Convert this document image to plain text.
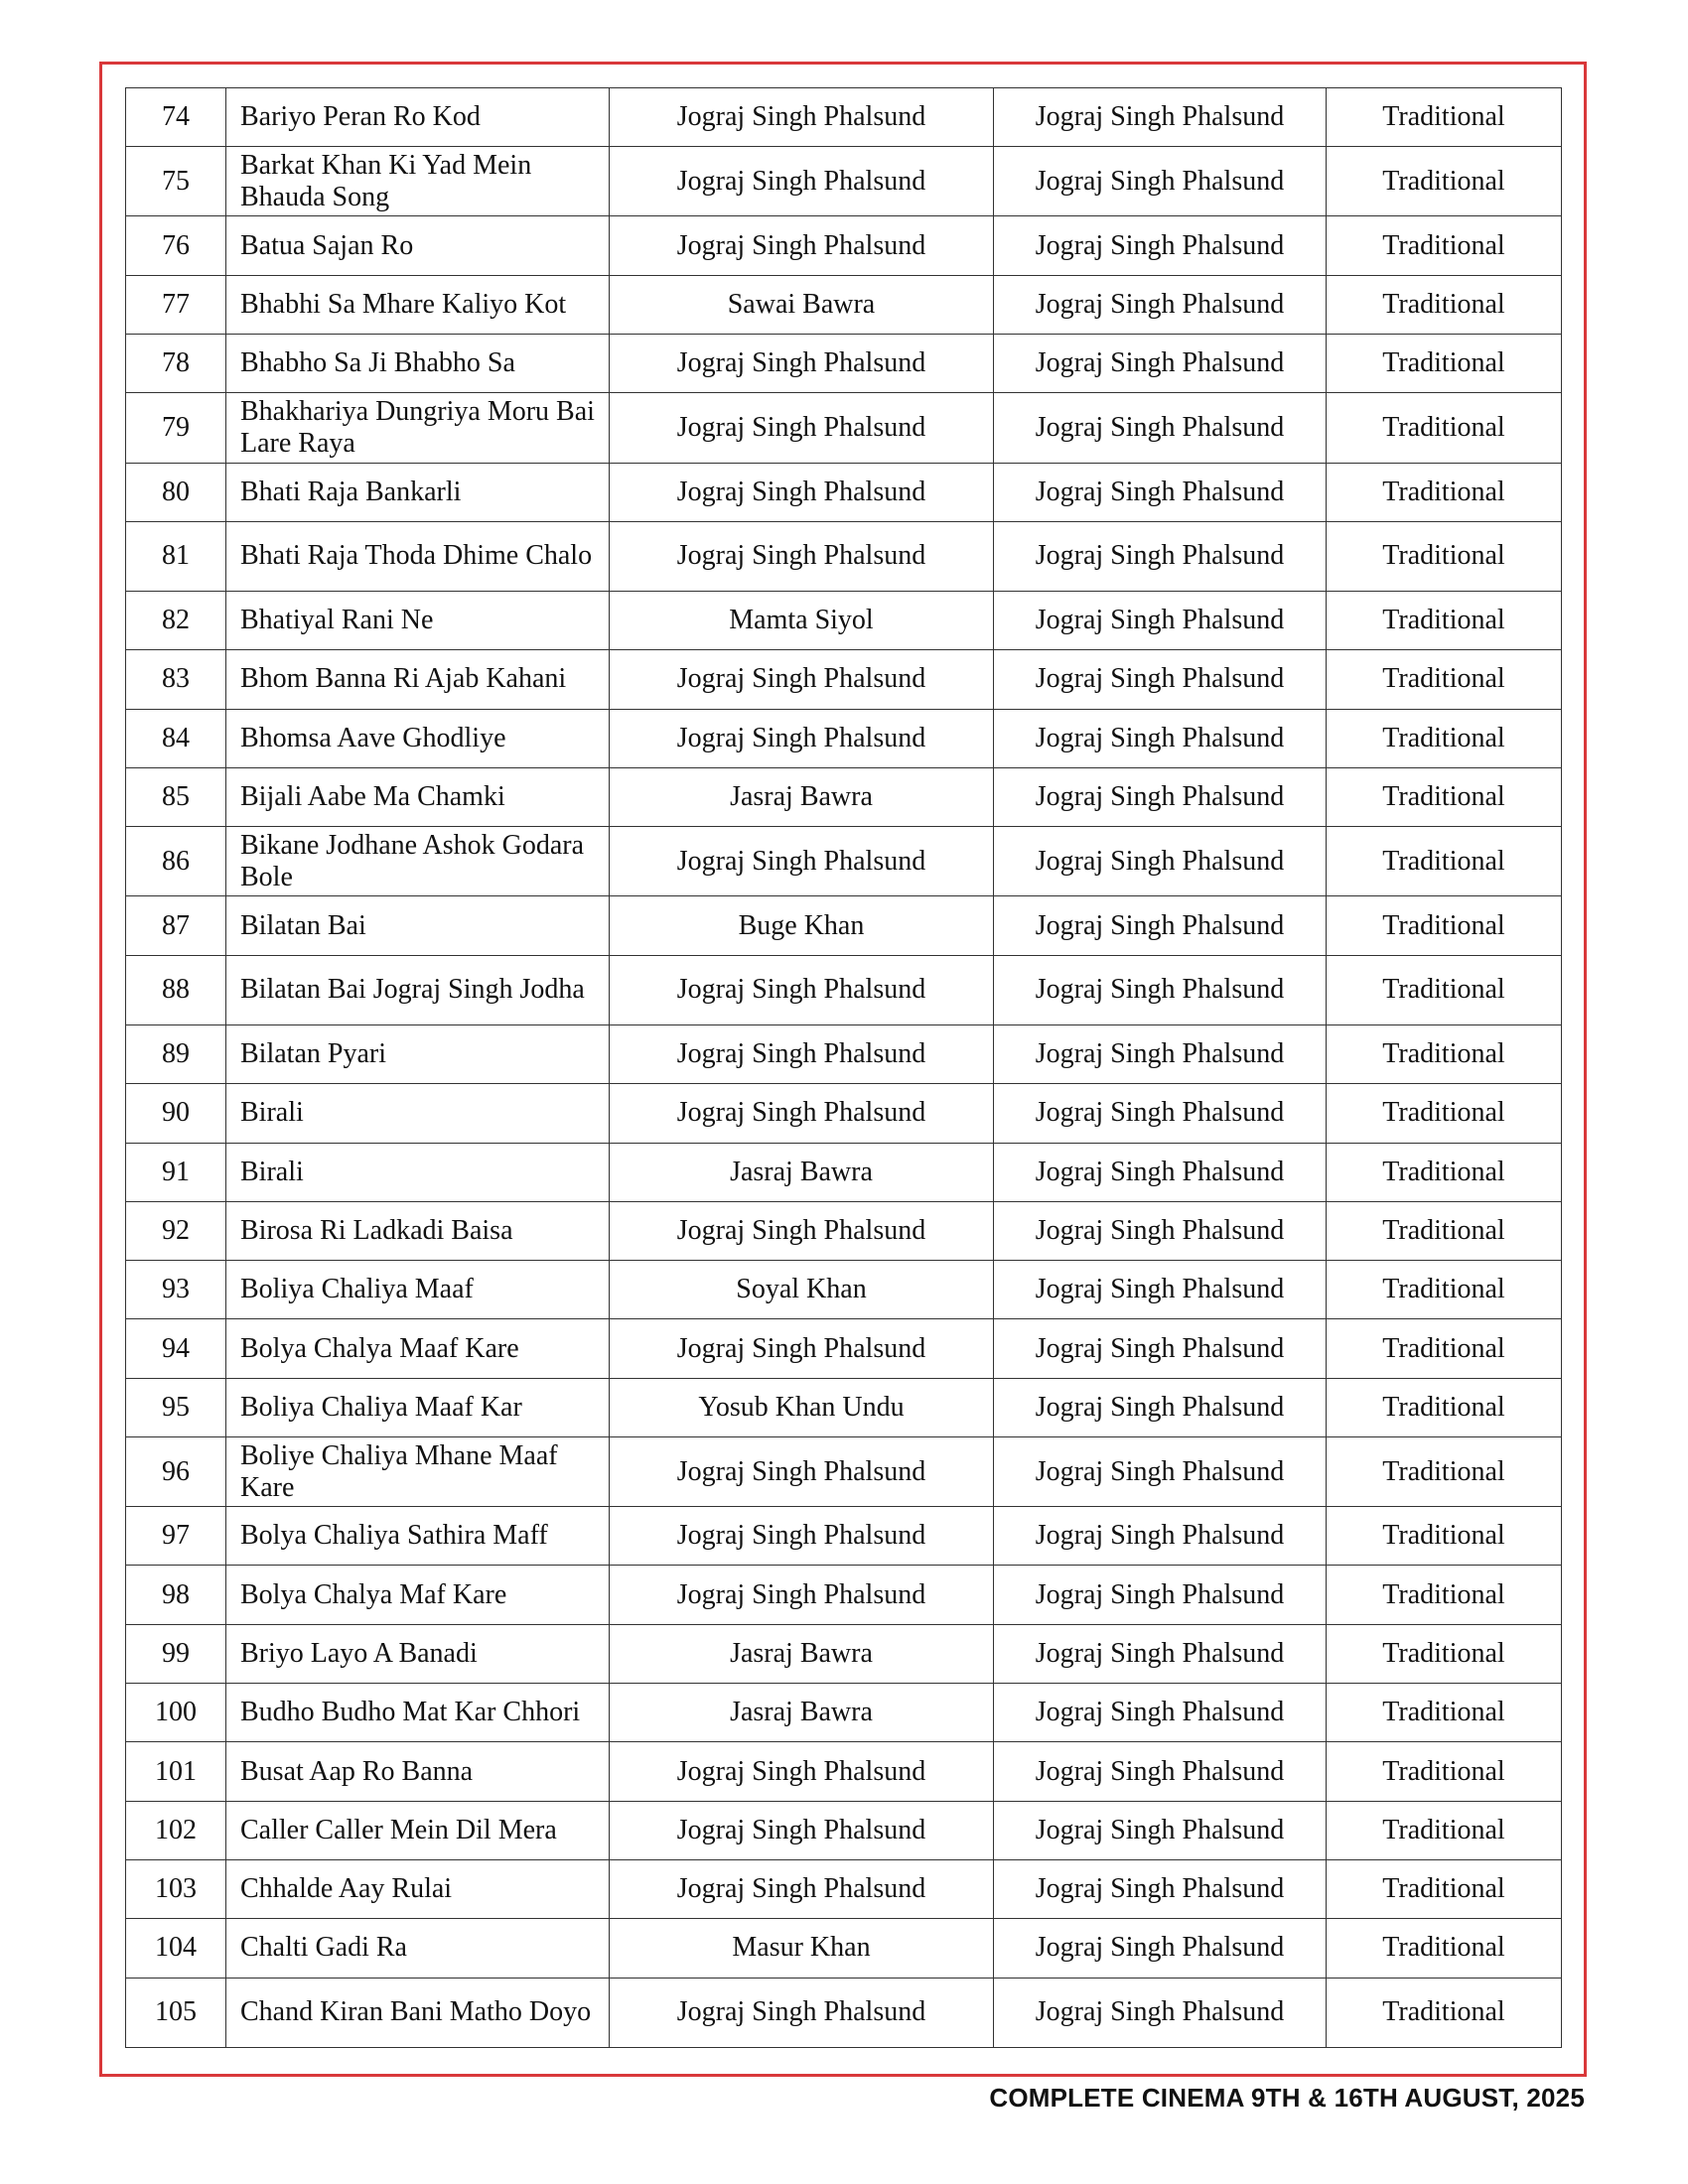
74	Bariyo Peran Ro Kod	Jograj Singh Phalsund	Jograj Singh Phalsund	Traditional
75	Barkat Khan Ki Yad Mein Bhauda Song	Jograj Singh Phalsund	Jograj Singh Phalsund	Traditional
76	Batua Sajan Ro	Jograj Singh Phalsund	Jograj Singh Phalsund	Traditional
77	Bhabhi Sa Mhare Kaliyo Kot	Sawai Bawra	Jograj Singh Phalsund	Traditional
78	Bhabho Sa Ji Bhabho Sa	Jograj Singh Phalsund	Jograj Singh Phalsund	Traditional
79	Bhakhariya Dungriya Moru Bai Lare Raya	Jograj Singh Phalsund	Jograj Singh Phalsund	Traditional
80	Bhati Raja Bankarli	Jograj Singh Phalsund	Jograj Singh Phalsund	Traditional
81	Bhati Raja Thoda Dhime Chalo	Jograj Singh Phalsund	Jograj Singh Phalsund	Traditional
82	Bhatiyal Rani Ne	Mamta Siyol	Jograj Singh Phalsund	Traditional
83	Bhom Banna Ri Ajab Kahani	Jograj Singh Phalsund	Jograj Singh Phalsund	Traditional
84	Bhomsa Aave Ghodliye	Jograj Singh Phalsund	Jograj Singh Phalsund	Traditional
85	Bijali Aabe Ma Chamki	Jasraj Bawra	Jograj Singh Phalsund	Traditional
86	Bikane Jodhane Ashok Godara Bole	Jograj Singh Phalsund	Jograj Singh Phalsund	Traditional
87	Bilatan Bai	Buge Khan	Jograj Singh Phalsund	Traditional
88	Bilatan Bai Jograj Singh Jodha	Jograj Singh Phalsund	Jograj Singh Phalsund	Traditional
89	Bilatan Pyari	Jograj Singh Phalsund	Jograj Singh Phalsund	Traditional
90	Birali	Jograj Singh Phalsund	Jograj Singh Phalsund	Traditional
91	Birali	Jasraj Bawra	Jograj Singh Phalsund	Traditional
92	Birosa Ri Ladkadi Baisa	Jograj Singh Phalsund	Jograj Singh Phalsund	Traditional
93	Boliya Chaliya Maaf	Soyal Khan	Jograj Singh Phalsund	Traditional
94	Bolya Chalya Maaf Kare	Jograj Singh Phalsund	Jograj Singh Phalsund	Traditional
95	Boliya Chaliya Maaf Kar	Yosub Khan Undu	Jograj Singh Phalsund	Traditional
96	Boliye Chaliya Mhane Maaf Kare	Jograj Singh Phalsund	Jograj Singh Phalsund	Traditional
97	Bolya Chaliya Sathira Maff	Jograj Singh Phalsund	Jograj Singh Phalsund	Traditional
98	Bolya Chalya Maf Kare	Jograj Singh Phalsund	Jograj Singh Phalsund	Traditional
99	Briyo Layo A Banadi	Jasraj Bawra	Jograj Singh Phalsund	Traditional
100	Budho Budho Mat Kar Chhori	Jasraj Bawra	Jograj Singh Phalsund	Traditional
101	Busat Aap Ro Banna	Jograj Singh Phalsund	Jograj Singh Phalsund	Traditional
102	Caller Caller Mein Dil Mera	Jograj Singh Phalsund	Jograj Singh Phalsund	Traditional
103	Chhalde Aay Rulai	Jograj Singh Phalsund	Jograj Singh Phalsund	Traditional
104	Chalti Gadi Ra	Masur Khan	Jograj Singh Phalsund	Traditional
105	Chand Kiran Bani Matho Doyo	Jograj Singh Phalsund	Jograj Singh Phalsund	Traditional
COMPLETE CINEMA 9TH & 16TH AUGUST, 2025
